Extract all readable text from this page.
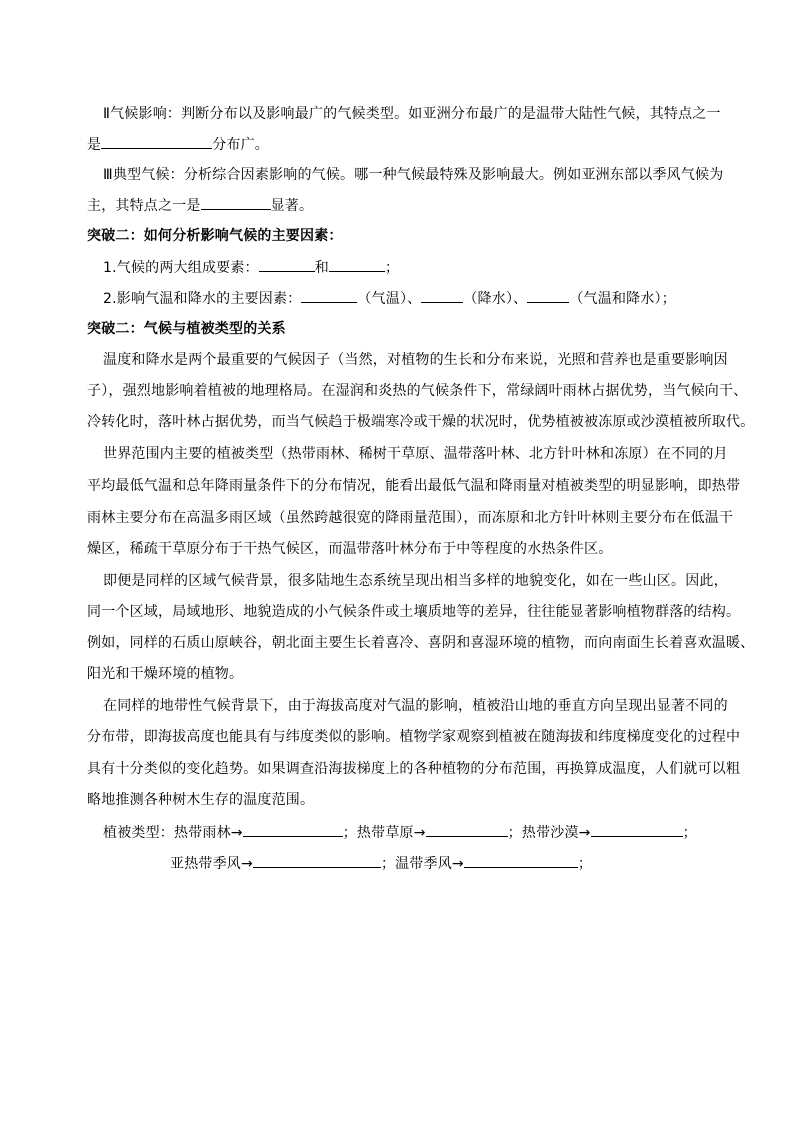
Ⅱ气候影响：判断分布以及影响最广的气候类型。如亚洲分布最广的是温带大陆性气候，其特点之一
是	分布广。
Ⅲ典型气候：分析综合因素影响的气候。哪一种气候最特殊及影响最大。例如亚洲东部以季风气候为
主，其特点之一是	显著。
突破二：如何分析影响气候的主要因素：
1.气候的两大组成要素：	和	；
2.影响气温和降水的主要因素：	（气温）、	（降水）、	（气温和降水）；
突破二：气候与植被类型的关系
温度和降水是两个最重要的气候因子（当然，对植物的生长和分布来说，光照和营养也是重要影响因
子），强烈地影响着植被的地理格局。在湿润和炎热的气候条件下，常绿阔叶雨林占据优势，当气候向干、
冷转化时，落叶林占据优势，而当气候趋于极端寒冷或干燥的状况时，优势植被被冻原或沙漠植被所取代。
世界范围内主要的植被类型（热带雨林、稀树干草原、温带落叶林、北方针叶林和冻原）在不同的月
平均最低气温和总年降雨量条件下的分布情况，能看出最低气温和降雨量对植被类型的明显影响，即热带
雨林主要分布在高温多雨区域（虽然跨越很宽的降雨量范围），而冻原和北方针叶林则主要分布在低温干
燥区，稀疏干草原分布于干热气候区，而温带落叶林分布于中等程度的水热条件区。
即便是同样的区域气候背景，很多陆地生态系统呈现出相当多样的地貌变化，如在一些山区。因此，
同一个区域，局域地形、地貌造成的小气候条件或土壤质地等的差异，往往能显著影响植物群落的结构。
例如，同样的石质山原峡谷，朝北面主要生长着喜冷、喜阴和喜湿环境的植物，而向南面生长着喜欢温暖、
阳光和干燥环境的植物。
在同样的地带性气候背景下，由于海拔高度对气温的影响，植被沿山地的垂直方向呈现出显著不同的
分布带，即海拔高度也能具有与纬度类似的影响。植物学家观察到植被在随海拔和纬度梯度变化的过程中
具有十分类似的变化趋势。如果调查沿海拔梯度上的各种植物的分布范围，再换算成温度，人们就可以粗
略地推测各种树木生存的温度范围。
植被类型：热带雨林→	；热带草原→	；热带沙漠→	；
亚热带季风→	；温带季风→	；
